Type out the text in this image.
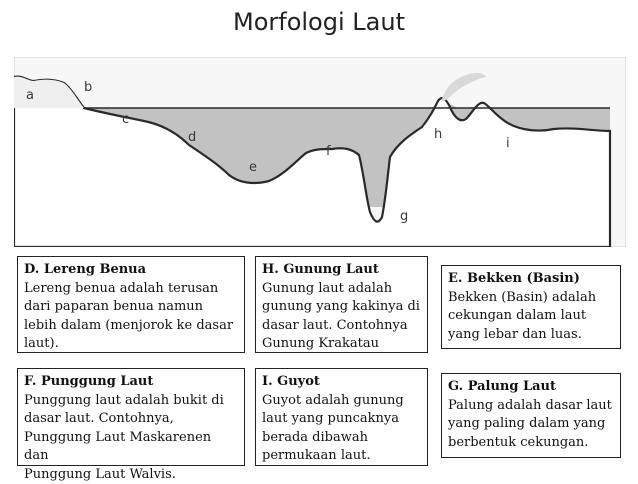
Morfologi Laut
a
b
c
d
e
f
g
h
i
D. Lereng Benua
Lereng benua adalah terusan
dari paparan benua namun
lebih dalam (menjorok ke dasar
laut).
H. Gunung Laut
Gunung laut adalah
gunung yang kakinya di
dasar laut. Contohnya
Gunung Krakatau
E. Bekken (Basin)
Bekken (Basin) adalah
cekungan dalam laut
yang lebar dan luas.
F. Punggung Laut
Punggung laut adalah bukit di
dasar laut. Contohnya,
Punggung Laut Maskarenen dan
Punggung Laut Walvis.
I. Guyot
Guyot adalah gunung
laut yang puncaknya
berada dibawah
permukaan laut.
G. Palung Laut
Palung adalah dasar laut
yang paling dalam yang
berbentuk cekungan.
